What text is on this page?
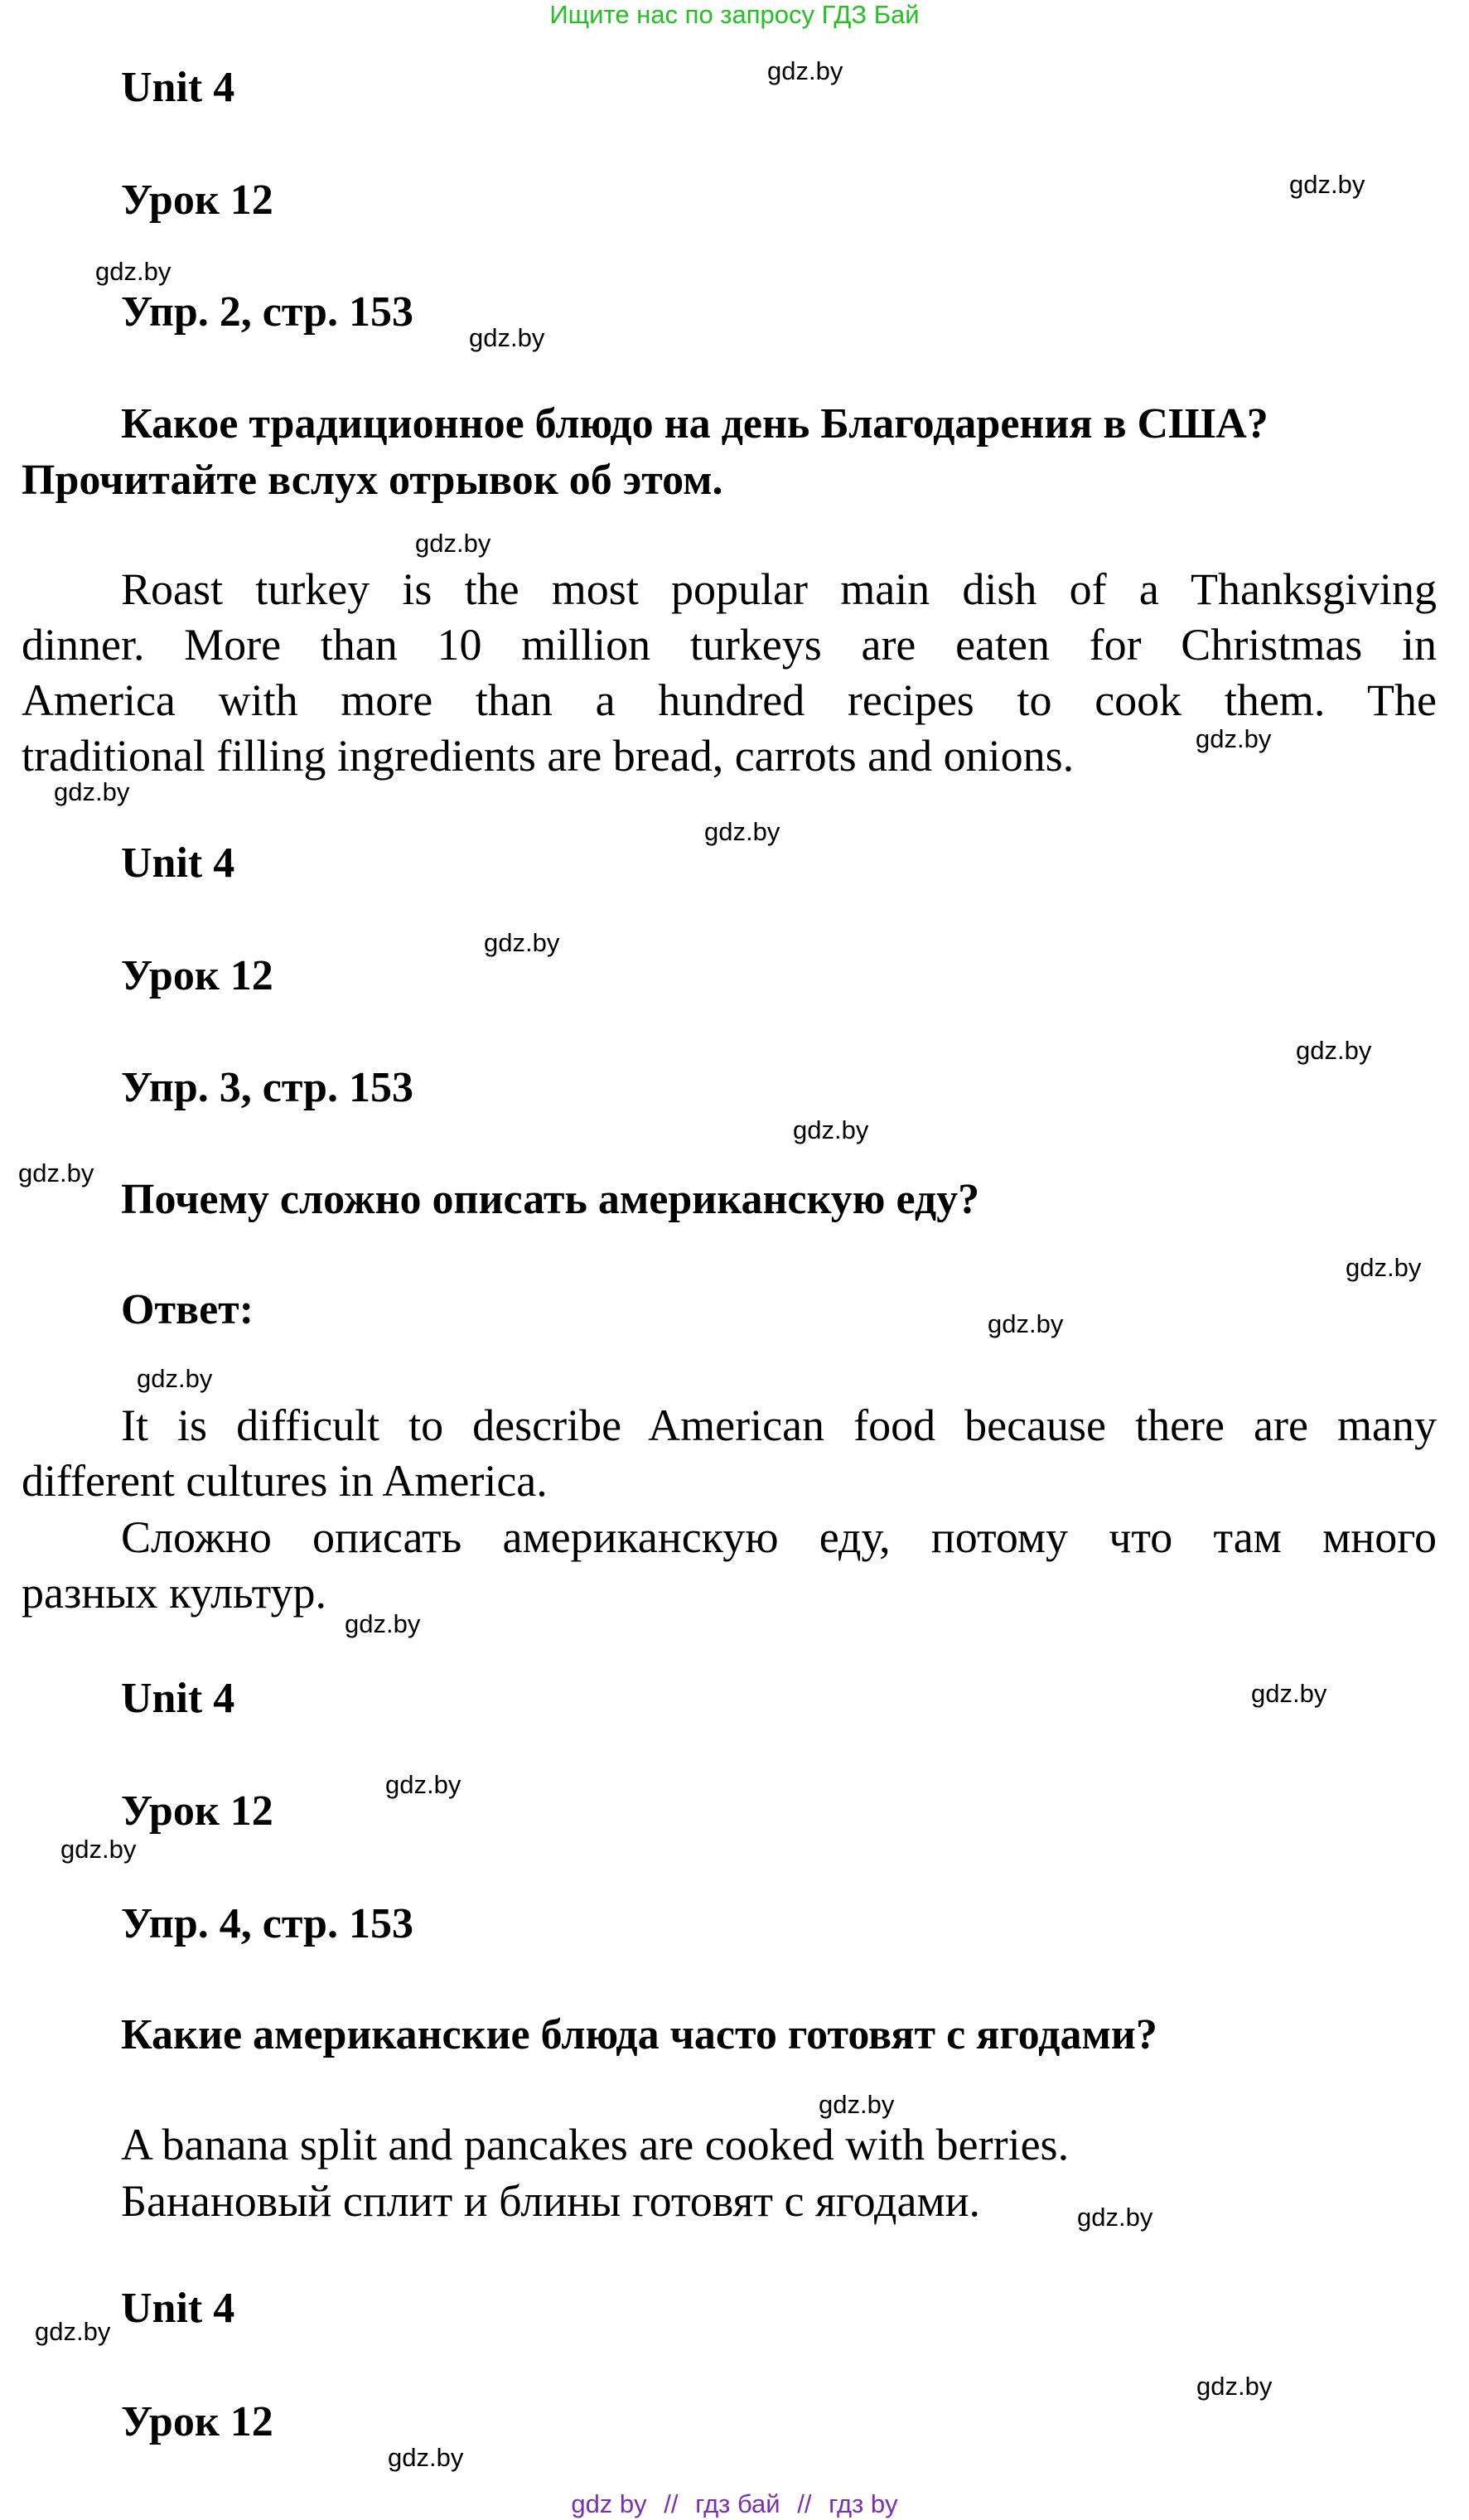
Ищите нас по запросу ГДЗ Бай
Unit 4
Урок 12
Упр. 2, стр. 153
Какое традиционное блюдо на день Благодарения в США?
Прочитайте вслух отрывок об этом.
Roast turkey is the most popular main dish of a Thanksgiving
dinner. More than 10 million turkeys are eaten for Christmas in
America with more than a hundred recipes to cook them. The
traditional filling ingredients are bread, carrots and onions.
Unit 4
Урок 12
Упр. 3, стр. 153
Почему сложно описать американскую еду?
Ответ:
It is difficult to describe American food because there are many
different cultures in America.
Сложно описать американскую еду, потому что там много
разных культур.
Unit 4
Урок 12
Упр. 4, стр. 153
Какие американские блюда часто готовят с ягодами?
A banana split and pancakes are cooked with berries.
Банановый сплит и блины готовят с ягодами.
Unit 4
Урок 12
gdz.by
gdz.by
gdz.by
gdz.by
gdz.by
gdz.by
gdz.by
gdz.by
gdz.by
gdz.by
gdz.by
gdz.by
gdz.by
gdz.by
gdz.by
gdz.by
gdz.by
gdz.by
gdz.by
gdz.by
gdz.by
gdz.by
gdz.by
gdz.by
gdz by // гдз бай // гдз by
